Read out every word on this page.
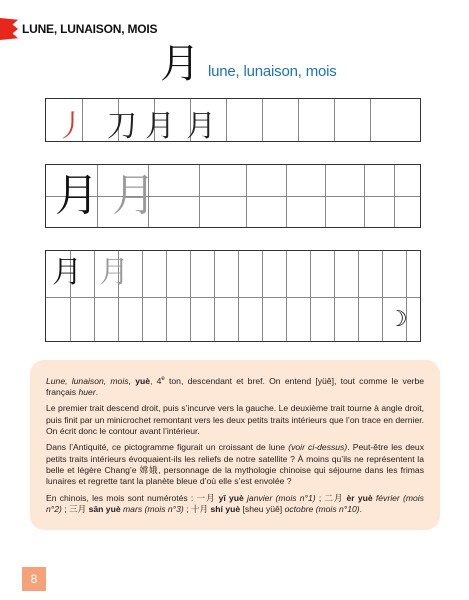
LUNE, LUNAISON, MOIS
月 lune, lunaison, mois
丿 刀 月 月
月 月
月 月
☽

Lune, lunaison, mois, yuè, 4e ton, descendant et bref. On entend [yüê], tout comme le verbe français huer.

Le premier trait descend droit, puis s’incurve vers la gauche. Le deuxième trait tourne à angle droit, puis finit par un minicrochet remontant vers les deux petits traits intérieurs que l’on trace en dernier. On écrit donc le contour avant l’intérieur.

Dans l’Antiquité, ce pictogramme figurait un croissant de lune (voir ci-dessus). Peut-être les deux petits traits intérieurs évoquaient-ils les reliefs de notre satellite ? À moins qu’ils ne représentent la belle et légère Chang’e 嫦娥, personnage de la mythologie chinoise qui séjourne dans les frimas lunaires et regrette tant la planète bleue d’où elle s’est envolée ?

En chinois, les mois sont numérotés : 一月 yī yuè janvier (mois n°1) ; 二月 èr yuè février (mois n°2) ; 三月 sān yuè mars (mois n°3) ; 十月 shí yuè [sheu yüê] octobre (mois n°10).

8
